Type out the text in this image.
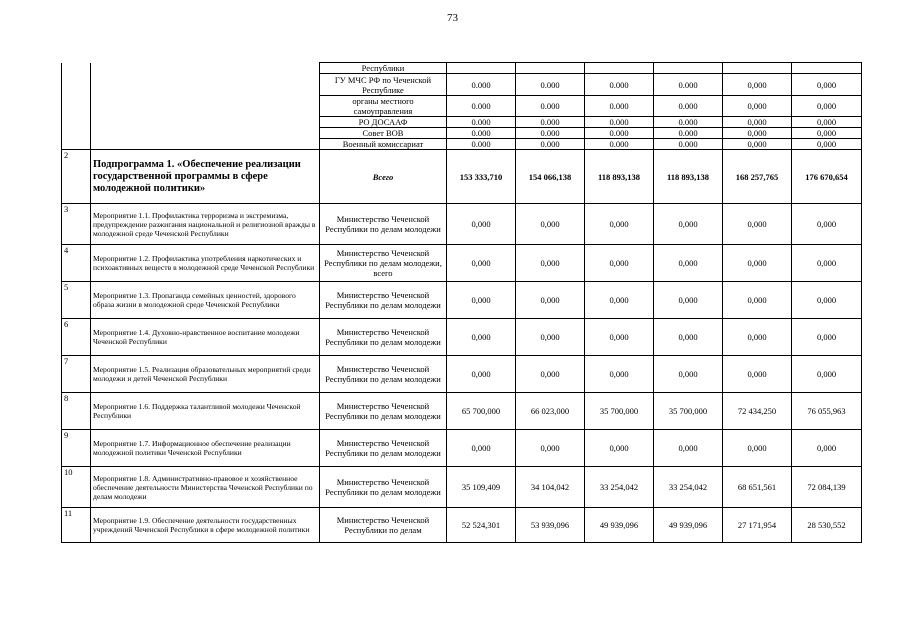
73
		Республики						
		ГУ МЧС РФ по Чеченской Республике	0.000	0.000	0.000	0.000	0,000	0,000
		органы местного самоуправления	0.000	0.000	0.000	0.000	0,000	0,000
		РО ДОСААФ	0.000	0.000	0.000	0.000	0,000	0,000
		Совет ВОВ	0.000	0.000	0.000	0.000	0,000	0,000
		Военный комиссариат	0.000	0.000	0.000	0.000	0,000	0,000
2	Подпрограмма 1. «Обеспечение реализации государственной программы в сфере молодежной политики»	Всего	153 333,710	154 066,138	118 893,138	118 893,138	168 257,765	176 670,654
3	Мероприятие 1.1. Профилактика терроризма и экстремизма, предупреждение разжигания национальной и религиозной вражды в молодежной среде Чеченской Республики	Министерство Чеченской Республики по делам молодежи	0,000	0,000	0,000	0,000	0,000	0,000
4	Мероприятие 1.2. Профилактика употребления наркотических и психоактивных веществ в молодежной среде Чеченской Республики	Министерство Чеченской Республики по делам молодежи, всего	0,000	0,000	0,000	0,000	0,000	0,000
5	Мероприятие 1.3. Пропаганда семейных ценностей, здорового образа жизни в молодежной среде Чеченской Республики	Министерство Чеченской Республики по делам молодежи	0,000	0,000	0,000	0,000	0,000	0,000
6	Мероприятие 1.4. Духовно-нравственное воспитание молодежи Чеченской Республики	Министерство Чеченской Республики по делам молодежи	0,000	0,000	0,000	0,000	0,000	0,000
7	Мероприятие 1.5. Реализация образовательных мероприятий среди молодежи и детей Чеченской Республики	Министерство Чеченской Республики по делам молодежи	0,000	0,000	0,000	0,000	0,000	0,000
8	Мероприятие 1.6. Поддержка талантливой молодежи Чеченской Республики	Министерство Чеченской Республики по делам молодежи	65 700,000	66 023,000	35 700,000	35 700,000	72 434,250	76 055,963
9	Мероприятие 1.7. Информационное обеспечение реализации молодежной политики Чеченской Республики	Министерство Чеченской Республики по делам молодежи	0,000	0,000	0,000	0,000	0,000	0,000
10	Мероприятие 1.8. Административно-правовое и хозяйственное обеспечение деятельности Министерства Чеченской Республики по делам молодежи	Министерство Чеченской Республики по делам молодежи	35 109,409	34 104,042	33 254,042	33 254,042	68 651,561	72 084,139
11	Мероприятие 1.9. Обеспечение деятельности государственных учреждений Чеченской Республики в сфере молодежной политики	Министерство Чеченской Республики по делам	52 524,301	53 939,096	49 939,096	49 939,096	27 171,954	28 530,552
